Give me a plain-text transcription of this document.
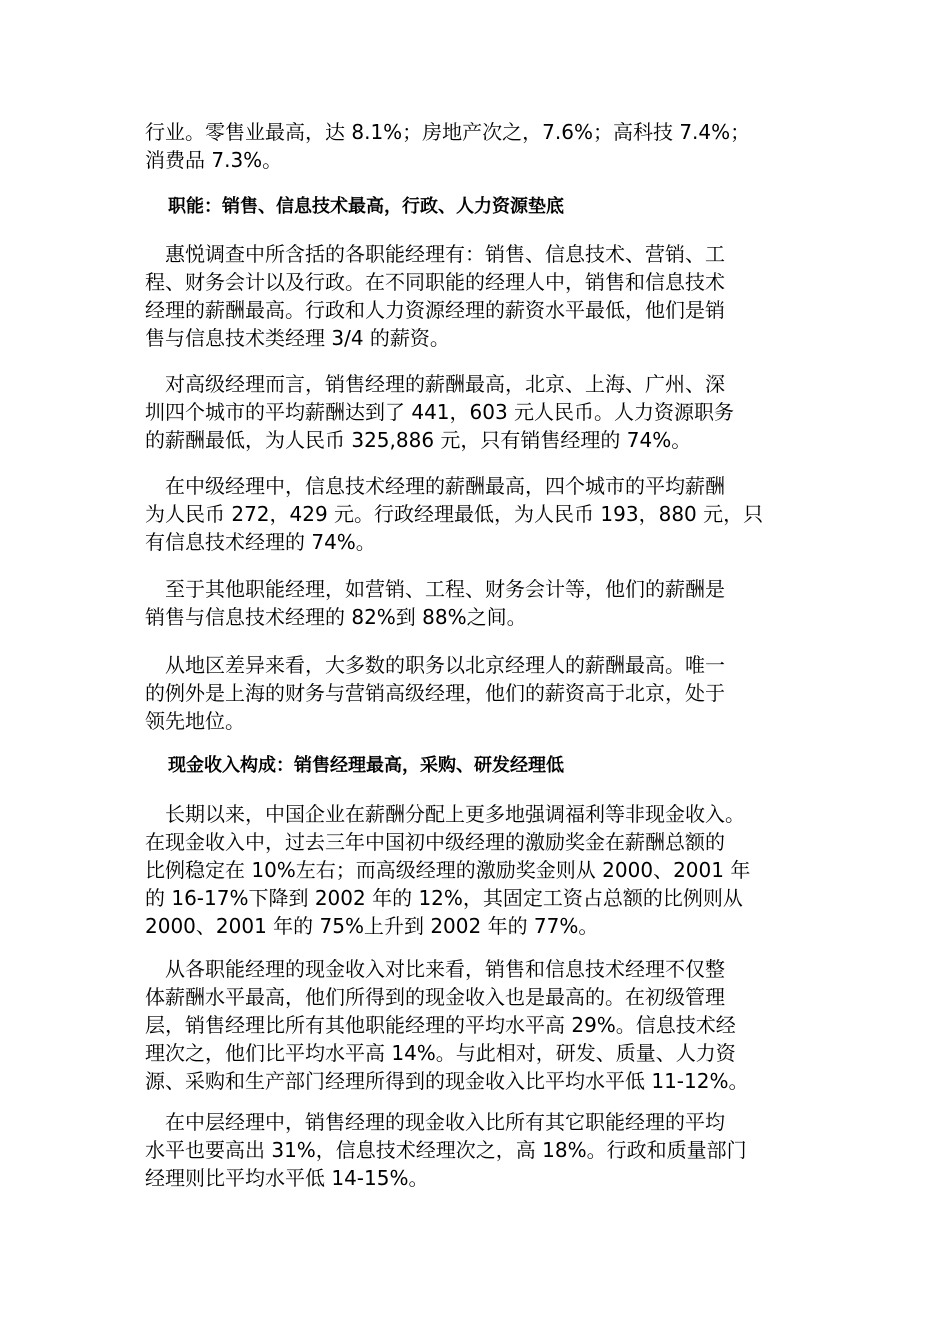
行业。零售业最高，达 8.1%；房地产次之，7.6%；高科技 7.4%；
消费品 7.3%。
职能：销售、信息技术最高，行政、人力资源垫底
　惠悦调查中所含括的各职能经理有：销售、信息技术、营销、工
程、财务会计以及行政。在不同职能的经理人中，销售和信息技术
经理的薪酬最高。行政和人力资源经理的薪资水平最低，他们是销
售与信息技术类经理 3/4 的薪资。
　对高级经理而言，销售经理的薪酬最高，北京、上海、广州、深
圳四个城市的平均薪酬达到了 441，603 元人民币。人力资源职务
的薪酬最低，为人民币 325,886 元，只有销售经理的 74%。
　在中级经理中，信息技术经理的薪酬最高，四个城市的平均薪酬
为人民币 272，429 元。行政经理最低，为人民币 193，880 元，只
有信息技术经理的 74%。
　至于其他职能经理，如营销、工程、财务会计等，他们的薪酬是
销售与信息技术经理的 82%到 88%之间。
　从地区差异来看，大多数的职务以北京经理人的薪酬最高。唯一
的例外是上海的财务与营销高级经理，他们的薪资高于北京，处于
领先地位。
现金收入构成：销售经理最高，采购、研发经理低
　长期以来，中国企业在薪酬分配上更多地强调福利等非现金收入。
在现金收入中，过去三年中国初中级经理的激励奖金在薪酬总额的
比例稳定在 10%左右；而高级经理的激励奖金则从 2000、2001 年
的 16-17%下降到 2002 年的 12%，其固定工资占总额的比例则从
2000、2001 年的 75%上升到 2002 年的 77%。
　从各职能经理的现金收入对比来看，销售和信息技术经理不仅整
体薪酬水平最高，他们所得到的现金收入也是最高的。在初级管理
层，销售经理比所有其他职能经理的平均水平高 29%。信息技术经
理次之，他们比平均水平高 14%。与此相对，研发、质量、人力资
源、采购和生产部门经理所得到的现金收入比平均水平低 11-12%。
　在中层经理中，销售经理的现金收入比所有其它职能经理的平均
水平也要高出 31%，信息技术经理次之，高 18%。行政和质量部门
经理则比平均水平低 14-15%。
